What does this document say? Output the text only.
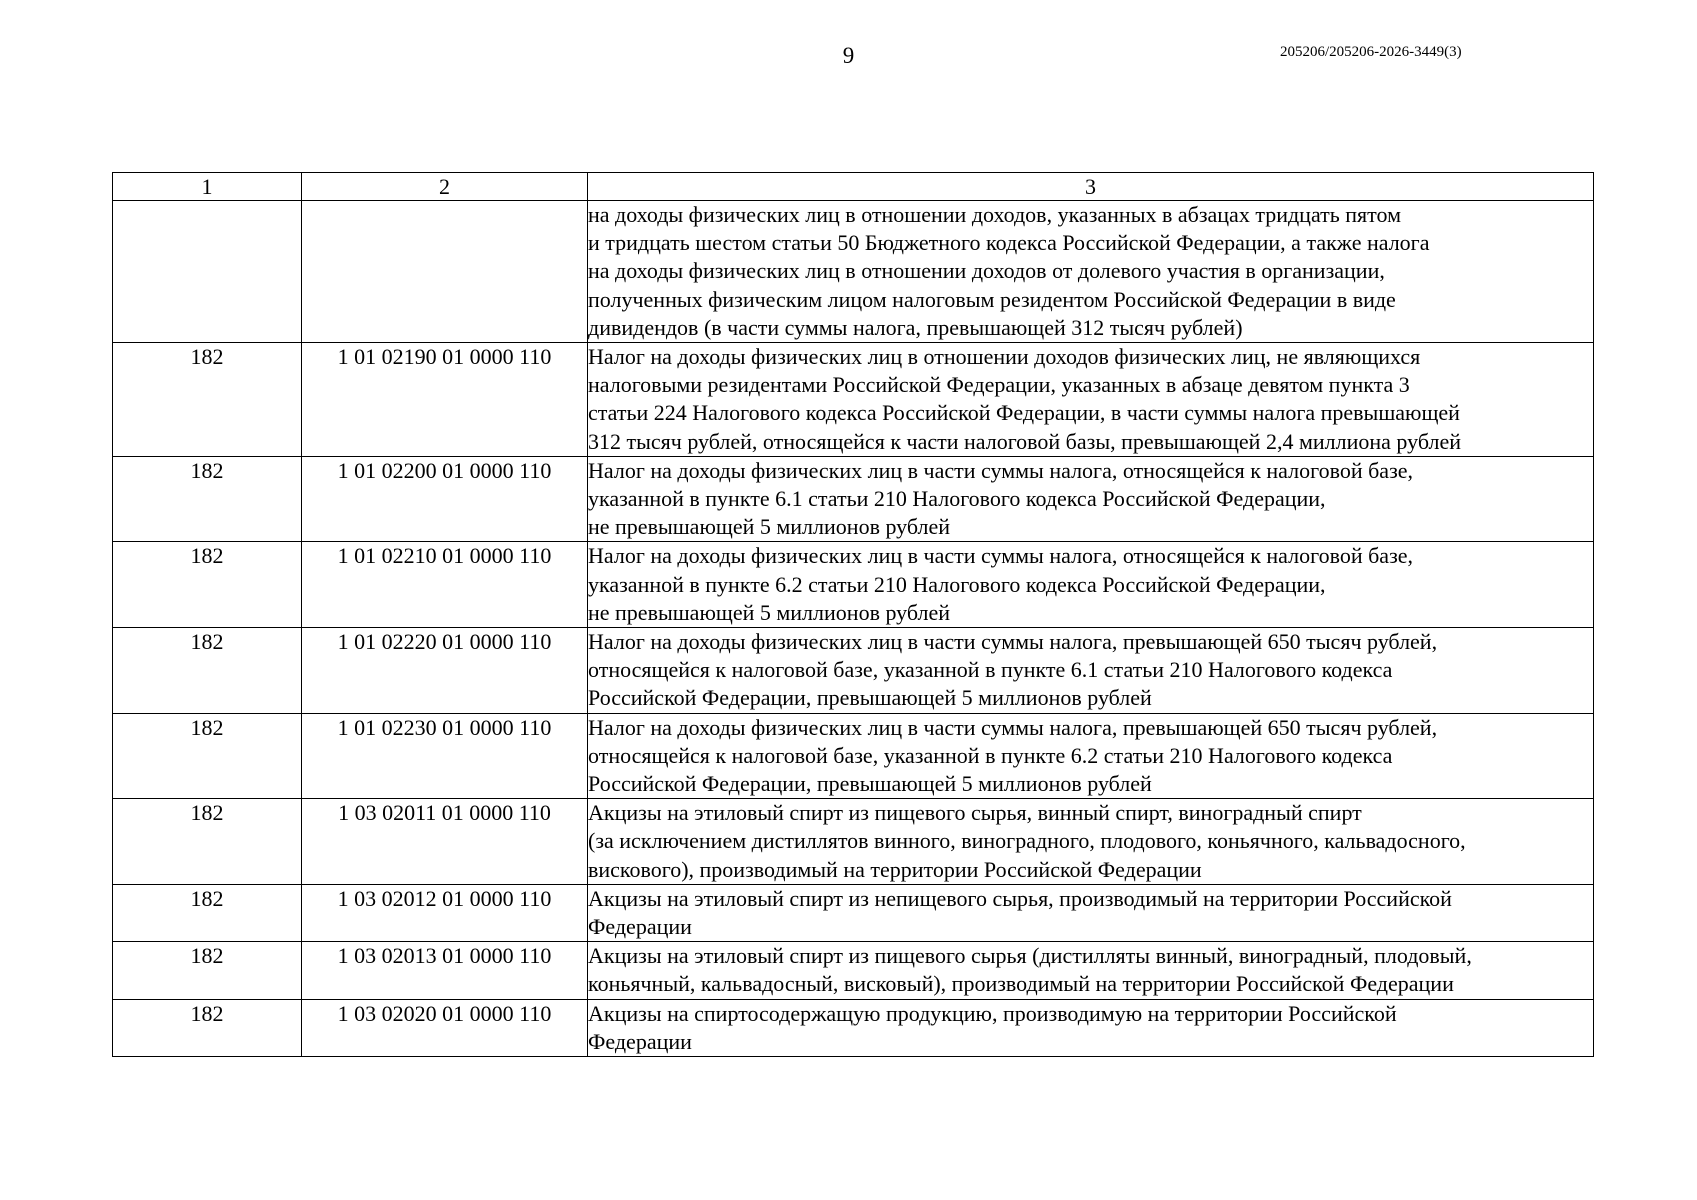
9	205206/205206-2026-3449(3)
1	2	3

		на доходы физических лиц в отношении доходов, указанных в абзацах тридцать пятом
и тридцать шестом статьи 50 Бюджетного кодекса Российской Федерации, а также налога
на доходы физических лиц в отношении доходов от долевого участия в организации,
полученных физическим лицом налоговым резидентом Российской Федерации в виде
дивидендов (в части суммы налога, превышающей 312 тысяч рублей)

182	1 01 02190 01 0000 110	Налог на доходы физических лиц в отношении доходов физических лиц, не являющихся
налоговыми резидентами Российской Федерации, указанных в абзаце девятом пункта 3
статьи 224 Налогового кодекса Российской Федерации, в части суммы налога превышающей
312 тысяч рублей, относящейся к части налоговой базы, превышающей 2,4 миллиона рублей

182	1 01 02200 01 0000 110	Налог на доходы физических лиц в части суммы налога, относящейся к налоговой базе,
указанной в пункте 6.1 статьи 210 Налогового кодекса Российской Федерации,
не превышающей 5 миллионов рублей

182	1 01 02210 01 0000 110	Налог на доходы физических лиц в части суммы налога, относящейся к налоговой базе,
указанной в пункте 6.2 статьи 210 Налогового кодекса Российской Федерации,
не превышающей 5 миллионов рублей

182	1 01 02220 01 0000 110	Налог на доходы физических лиц в части суммы налога, превышающей 650 тысяч рублей,
относящейся к налоговой базе, указанной в пункте 6.1 статьи 210 Налогового кодекса
Российской Федерации, превышающей 5 миллионов рублей

182	1 01 02230 01 0000 110	Налог на доходы физических лиц в части суммы налога, превышающей 650 тысяч рублей,
относящейся к налоговой базе, указанной в пункте 6.2 статьи 210 Налогового кодекса
Российской Федерации, превышающей 5 миллионов рублей

182	1 03 02011 01 0000 110	Акцизы на этиловый спирт из пищевого сырья, винный спирт, виноградный спирт
(за исключением дистиллятов винного, виноградного, плодового, коньячного, кальвадосного,
вискового), производимый на территории Российской Федерации

182	1 03 02012 01 0000 110	Акцизы на этиловый спирт из непищевого сырья, производимый на территории Российской
Федерации

182	1 03 02013 01 0000 110	Акцизы на этиловый спирт из пищевого сырья (дистилляты винный, виноградный, плодовый,
коньячный, кальвадосный, висковый), производимый на территории Российской Федерации

182	1 03 02020 01 0000 110	Акцизы на спиртосодержащую продукцию, производимую на территории Российской
Федерации
